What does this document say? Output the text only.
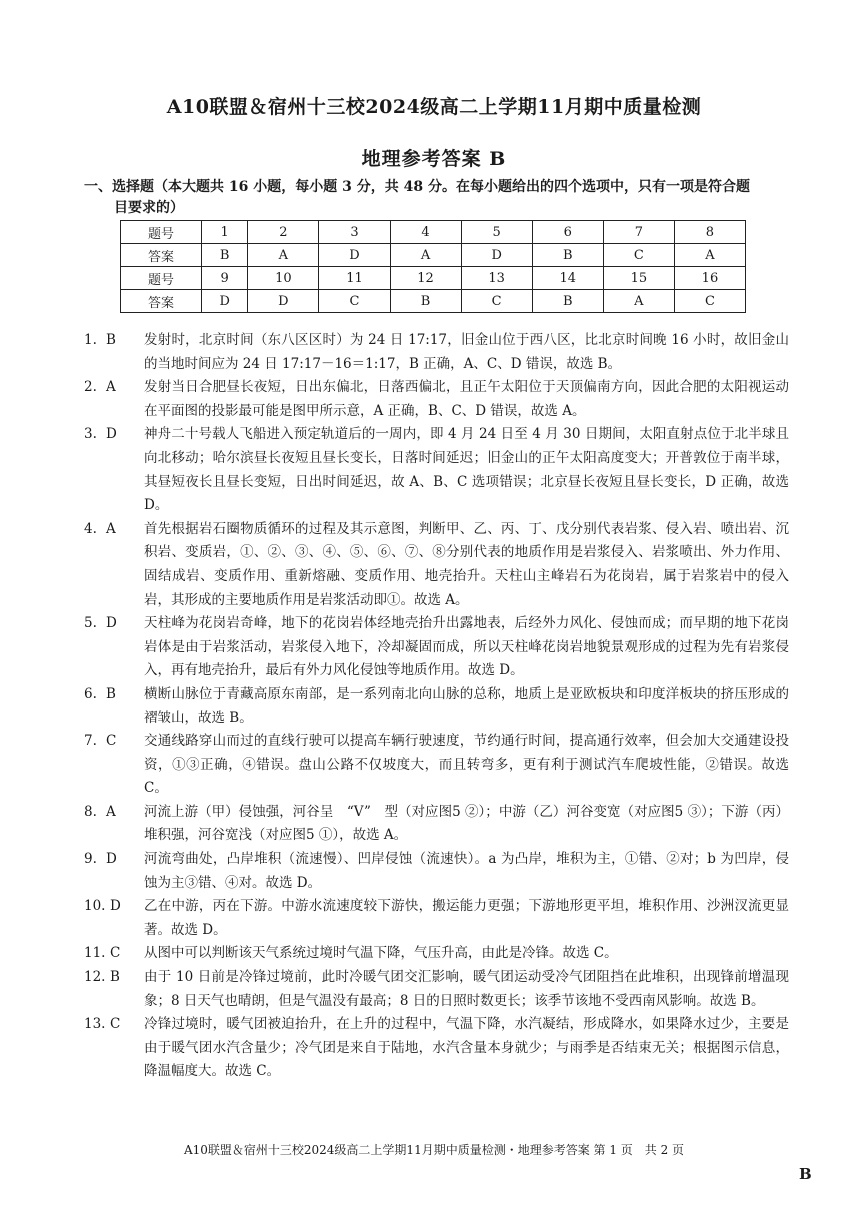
A10联盟＆宿州十三校2024级高二上学期11月期中质量检测
地理参考答案 B
一、选择题（本大题共 16 小题，每小题 3 分，共 48 分。在每小题给出的四个选项中，只有一项是符合题
目要求的）
题号	1	2	3	4	5	6	7	8
答案	B	A	D	A	D	B	C	A
题号	9	10	11	12	13	14	15	16
答案	D	D	C	B	C	B	A	C
1. B	发射时，北京时间（东八区区时）为 24 日 17:17，旧金山位于西八区，比北京时间晚 16 小时，故旧金山的当地时间应为 24 日 17:17－16＝1:17，B 正确，A、C、D 错误，故选 B。
2. A	发射当日合肥昼长夜短，日出东偏北，日落西偏北，且正午太阳位于天顶偏南方向，因此合肥的太阳视运动在平面图的投影最可能是图甲所示意，A 正确，B、C、D 错误，故选 A。
3. D	神舟二十号载人飞船进入预定轨道后的一周内，即 4 月 24 日至 4 月 30 日期间，太阳直射点位于北半球且向北移动；哈尔滨昼长夜短且昼长变长，日落时间延迟；旧金山的正午太阳高度变大；开普敦位于南半球，其昼短夜长且昼长变短，日出时间延迟，故 A、B、C 选项错误；北京昼长夜短且昼长变长，D 正确，故选 D。
4. A	首先根据岩石圈物质循环的过程及其示意图，判断甲、乙、丙、丁、戊分别代表岩浆、侵入岩、喷出岩、沉积岩、变质岩，①、②、③、④、⑤、⑥、⑦、⑧分别代表的地质作用是岩浆侵入、岩浆喷出、外力作用、固结成岩、变质作用、重新熔融、变质作用、地壳抬升。天柱山主峰岩石为花岗岩，属于岩浆岩中的侵入岩，其形成的主要地质作用是岩浆活动即①。故选 A。
5. D	天柱峰为花岗岩奇峰，地下的花岗岩体经地壳抬升出露地表，后经外力风化、侵蚀而成；而早期的地下花岗岩体是由于岩浆活动，岩浆侵入地下，冷却凝固而成，所以天柱峰花岗岩地貌景观形成的过程为先有岩浆侵入，再有地壳抬升，最后有外力风化侵蚀等地质作用。故选 D。
6. B	横断山脉位于青藏高原东南部，是一系列南北向山脉的总称，地质上是亚欧板块和印度洋板块的挤压形成的褶皱山，故选 B。
7. C	交通线路穿山而过的直线行驶可以提高车辆行驶速度，节约通行时间，提高通行效率，但会加大交通建设投资，①③正确，④错误。盘山公路不仅坡度大，而且转弯多，更有利于测试汽车爬坡性能，②错误。故选 C。
8. A	河流上游（甲）侵蚀强，河谷呈　“V”　型（对应图5 ②）；中游（乙）河谷变宽（对应图5 ③）；下游（丙）堆积强，河谷宽浅（对应图5 ①），故选 A。
9. D	河流弯曲处，凸岸堆积（流速慢）、凹岸侵蚀（流速快）。a 为凸岸，堆积为主，①错、②对；b 为凹岸，侵蚀为主③错、④对。故选 D。
10. D	乙在中游，丙在下游。中游水流速度较下游快，搬运能力更强；下游地形更平坦，堆积作用、沙洲汊流更显著。故选 D。
11. C	从图中可以判断该天气系统过境时气温下降，气压升高，由此是冷锋。故选 C。
12. B	由于 10 日前是冷锋过境前，此时冷暖气团交汇影响，暖气团运动受冷气团阻挡在此堆积，出现锋前增温现象；8 日天气也晴朗，但是气温没有最高；8 日的日照时数更长；该季节该地不受西南风影响。故选 B。
13. C	冷锋过境时，暖气团被迫抬升，在上升的过程中，气温下降，水汽凝结，形成降水，如果降水过少，主要是由于暖气团水汽含量少；冷气团是来自于陆地，水汽含量本身就少；与雨季是否结束无关；根据图示信息，降温幅度大。故选 C。
A10联盟＆宿州十三校2024级高二上学期11月期中质量检测・地理参考答案 第 1 页　共 2 页
B
